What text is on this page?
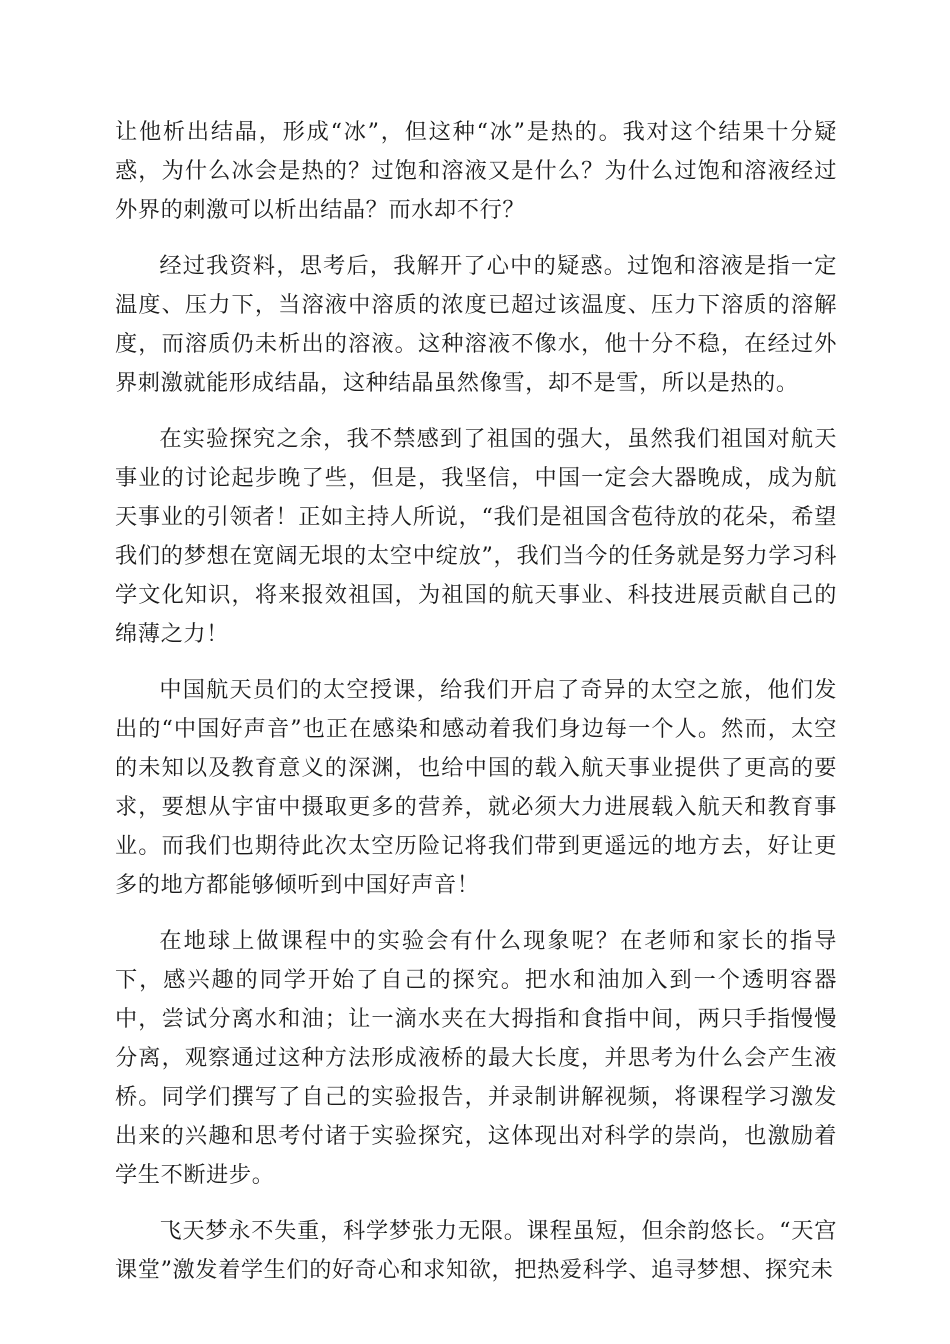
让他析出结晶，形成“冰”，但这种“冰”是热的。我对这个结果十分疑惑，为什么冰会是热的？过饱和溶液又是什么？为什么过饱和溶液经过外界的刺激可以析出结晶？而水却不行？

经过我资料，思考后，我解开了心中的疑惑。过饱和溶液是指一定温度、压力下，当溶液中溶质的浓度已超过该温度、压力下溶质的溶解度，而溶质仍未析出的溶液。这种溶液不像水，他十分不稳，在经过外界刺激就能形成结晶，这种结晶虽然像雪，却不是雪，所以是热的。

在实验探究之余，我不禁感到了祖国的强大，虽然我们祖国对航天事业的讨论起步晚了些，但是，我坚信，中国一定会大器晚成，成为航天事业的引领者！正如主持人所说，“我们是祖国含苞待放的花朵，希望我们的梦想在宽阔无垠的太空中绽放”，我们当今的任务就是努力学习科学文化知识，将来报效祖国，为祖国的航天事业、科技进展贡献自己的绵薄之力！

中国航天员们的太空授课，给我们开启了奇异的太空之旅，他们发出的“中国好声音”也正在感染和感动着我们身边每一个人。然而，太空的未知以及教育意义的深渊，也给中国的载入航天事业提供了更高的要求，要想从宇宙中摄取更多的营养，就必须大力进展载入航天和教育事业。而我们也期待此次太空历险记将我们带到更遥远的地方去，好让更多的地方都能够倾听到中国好声音！

在地球上做课程中的实验会有什么现象呢？在老师和家长的指导下，感兴趣的同学开始了自己的探究。把水和油加入到一个透明容器中，尝试分离水和油；让一滴水夹在大拇指和食指中间，两只手指慢慢分离，观察通过这种方法形成液桥的最大长度，并思考为什么会产生液桥。同学们撰写了自己的实验报告，并录制讲解视频，将课程学习激发出来的兴趣和思考付诸于实验探究，这体现出对科学的崇尚，也激励着学生不断进步。

飞天梦永不失重，科学梦张力无限。课程虽短，但余韵悠长。“天宫课堂”激发着学生们的好奇心和求知欲，把热爱科学、追寻梦想、探究未
